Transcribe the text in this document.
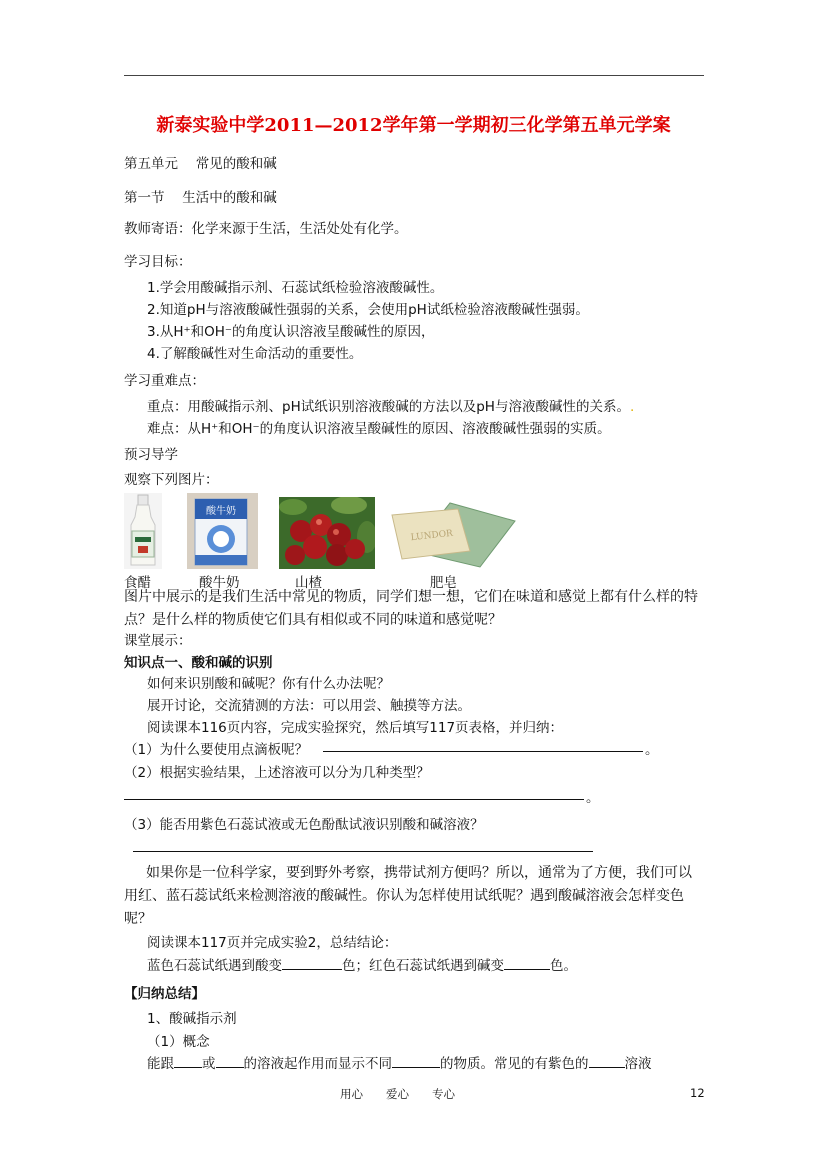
新泰实验中学2011—2012学年第一学期初三化学第五单元学案
第五单元　 常见的酸和碱
第一节　 生活中的酸和碱
教师寄语：化学来源于生活，生活处处有化学。
学习目标：
1.学会用酸碱指示剂、石蕊试纸检验溶液酸碱性。
2.知道pH与溶液酸碱性强弱的关系，会使用pH试纸检验溶液酸碱性强弱。
3.从H⁺和OH⁻的角度认识溶液呈酸碱性的原因，
4.了解酸碱性对生命活动的重要性。
学习重难点：
重点：用酸碱指示剂、pH试纸识别溶液酸碱的方法以及pH与溶液酸碱性的关系。.
难点：从H⁺和OH⁻的角度认识溶液呈酸碱性的原因、溶液酸碱性强弱的实质。
预习导学
观察下列图片：
酸牛奶
LUNDOR
食醋	酸牛奶	山楂	肥皂
图片中展示的是我们生活中常见的物质，同学们想一想，它们在味道和感觉上都有什么样的特点？是什么样的物质使它们具有相似或不同的味道和感觉呢？
课堂展示：
知识点一、酸和碱的识别
如何来识别酸和碱呢？你有什么办法呢？
展开讨论，交流猜测的方法：可以用尝、触摸等方法。
阅读课本116页内容，完成实验探究，然后填写117页表格，并归纳：
（1）为什么要使用点滴板呢？	。
（2）根据实验结果，上述溶液可以分为几种类型？
。
（3）能否用紫色石蕊试液或无色酚酞试液识别酸和碱溶液？
如果你是一位科学家，要到野外考察，携带试剂方便吗？所以，通常为了方便，我们可以用红、蓝石蕊试纸来检测溶液的酸碱性。你认为怎样使用试纸呢？遇到酸碱溶液会怎样变色呢？
阅读课本117页并完成实验2，总结结论：
蓝色石蕊试纸遇到酸变	色；红色石蕊试纸遇到碱变	色。
【归纳总结】
1、酸碱指示剂
（1）概念
能跟 或 的溶液起作用而显示不同	的物质。常见的有紫色的	溶液
用心　　爱心　　专心	12
